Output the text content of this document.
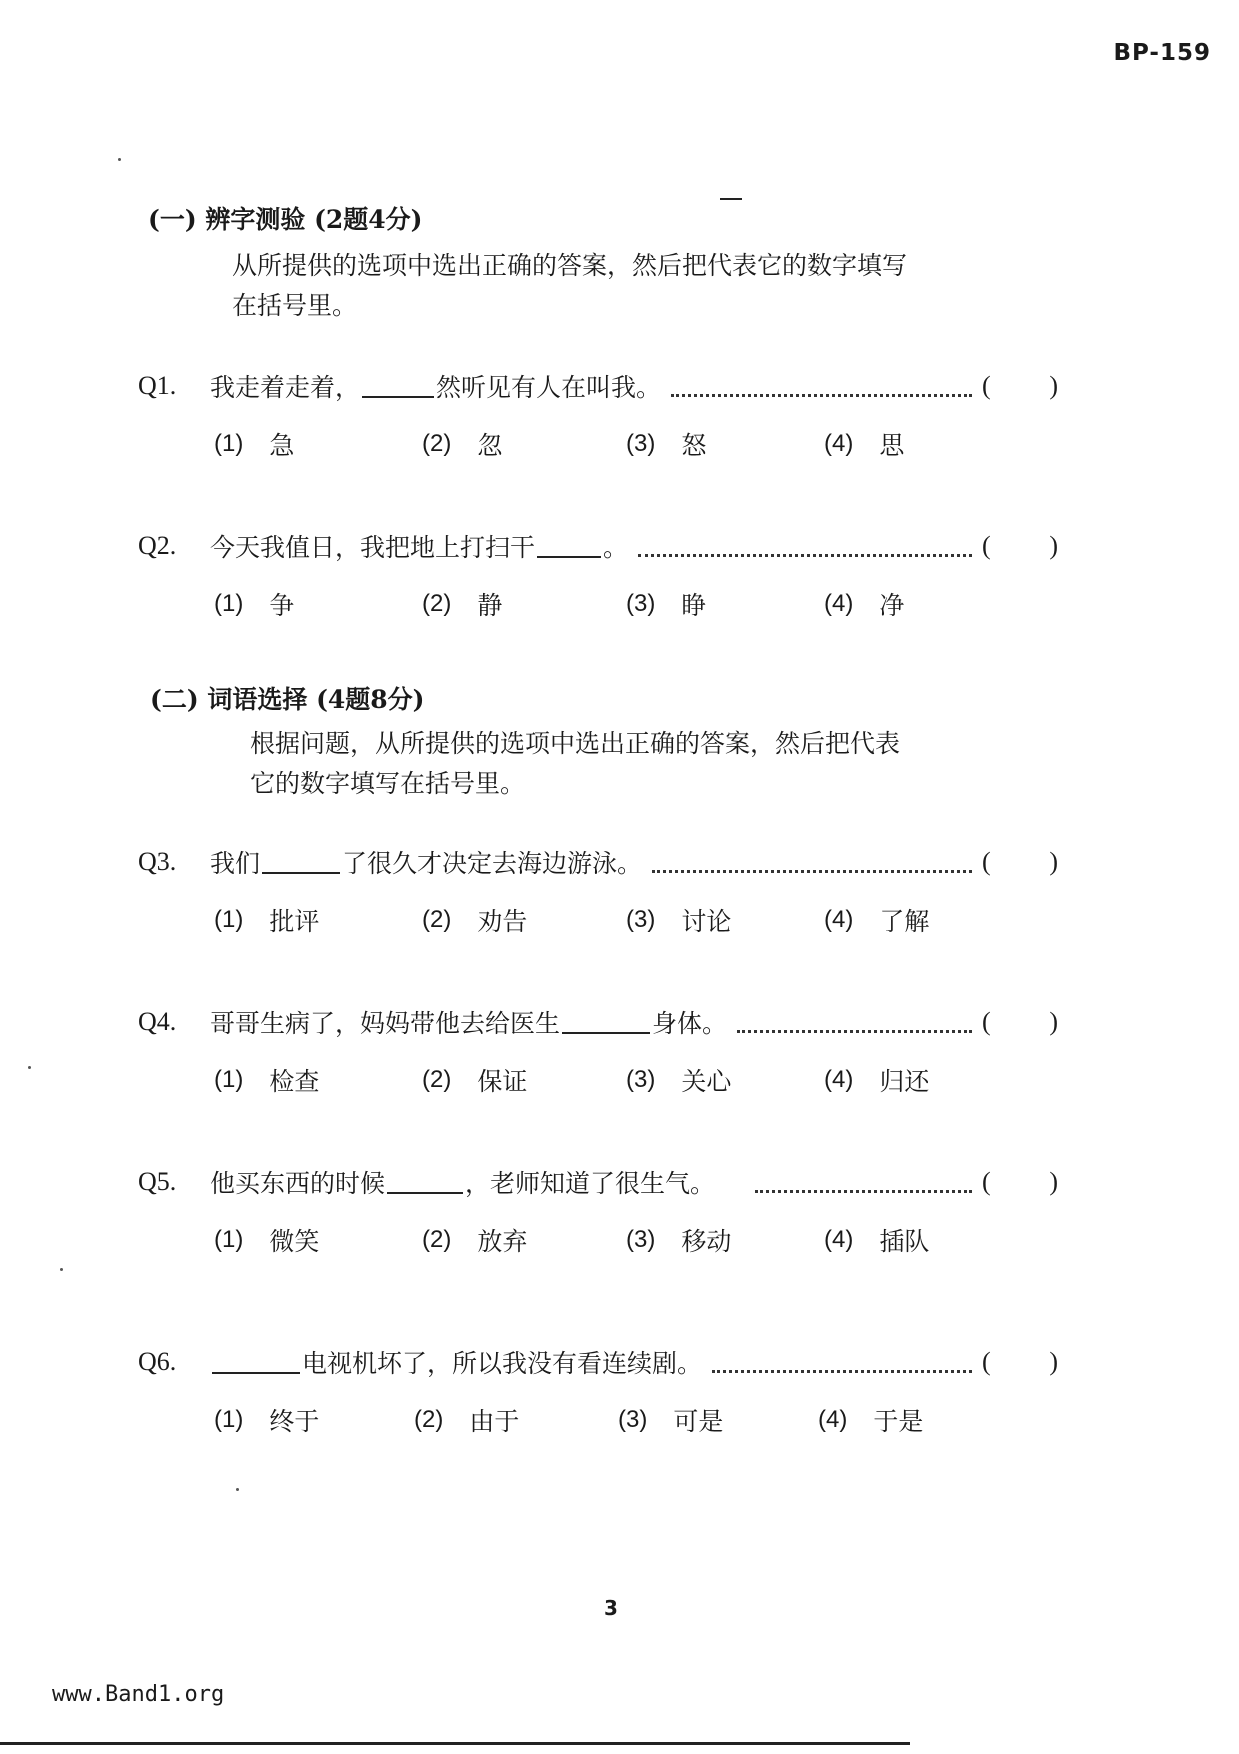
BP-159
(一) 辨字测验 (2题4分)
从所提供的选项中选出正确的答案，然后把代表它的数字填写
在括号里。
Q1.	我走着走着，	然听见有人在叫我。	( )
(1) 急	(2) 忽	(3) 怒	(4) 思
Q2.	今天我值日，我把地上打扫干	。	( )
(1) 争	(2) 静	(3) 睁	(4) 净
(二) 词语选择 (4题8分)
根据问题，从所提供的选项中选出正确的答案，然后把代表
它的数字填写在括号里。
Q3.	我们	了很久才决定去海边游泳。	( )
(1) 批评	(2) 劝告	(3) 讨论	(4) 了解
Q4.	哥哥生病了，妈妈带他去给医生	身体。	( )
(1) 检查	(2) 保证	(3) 关心	(4) 归还
Q5.	他买东西的时候	，老师知道了很生气。	( )
(1) 微笑	(2) 放弃	(3) 移动	(4) 插队
Q6.	电视机坏了，所以我没有看连续剧。	( )
(1) 终于	(2) 由于	(3) 可是	(4) 于是
3
www.Band1.org
